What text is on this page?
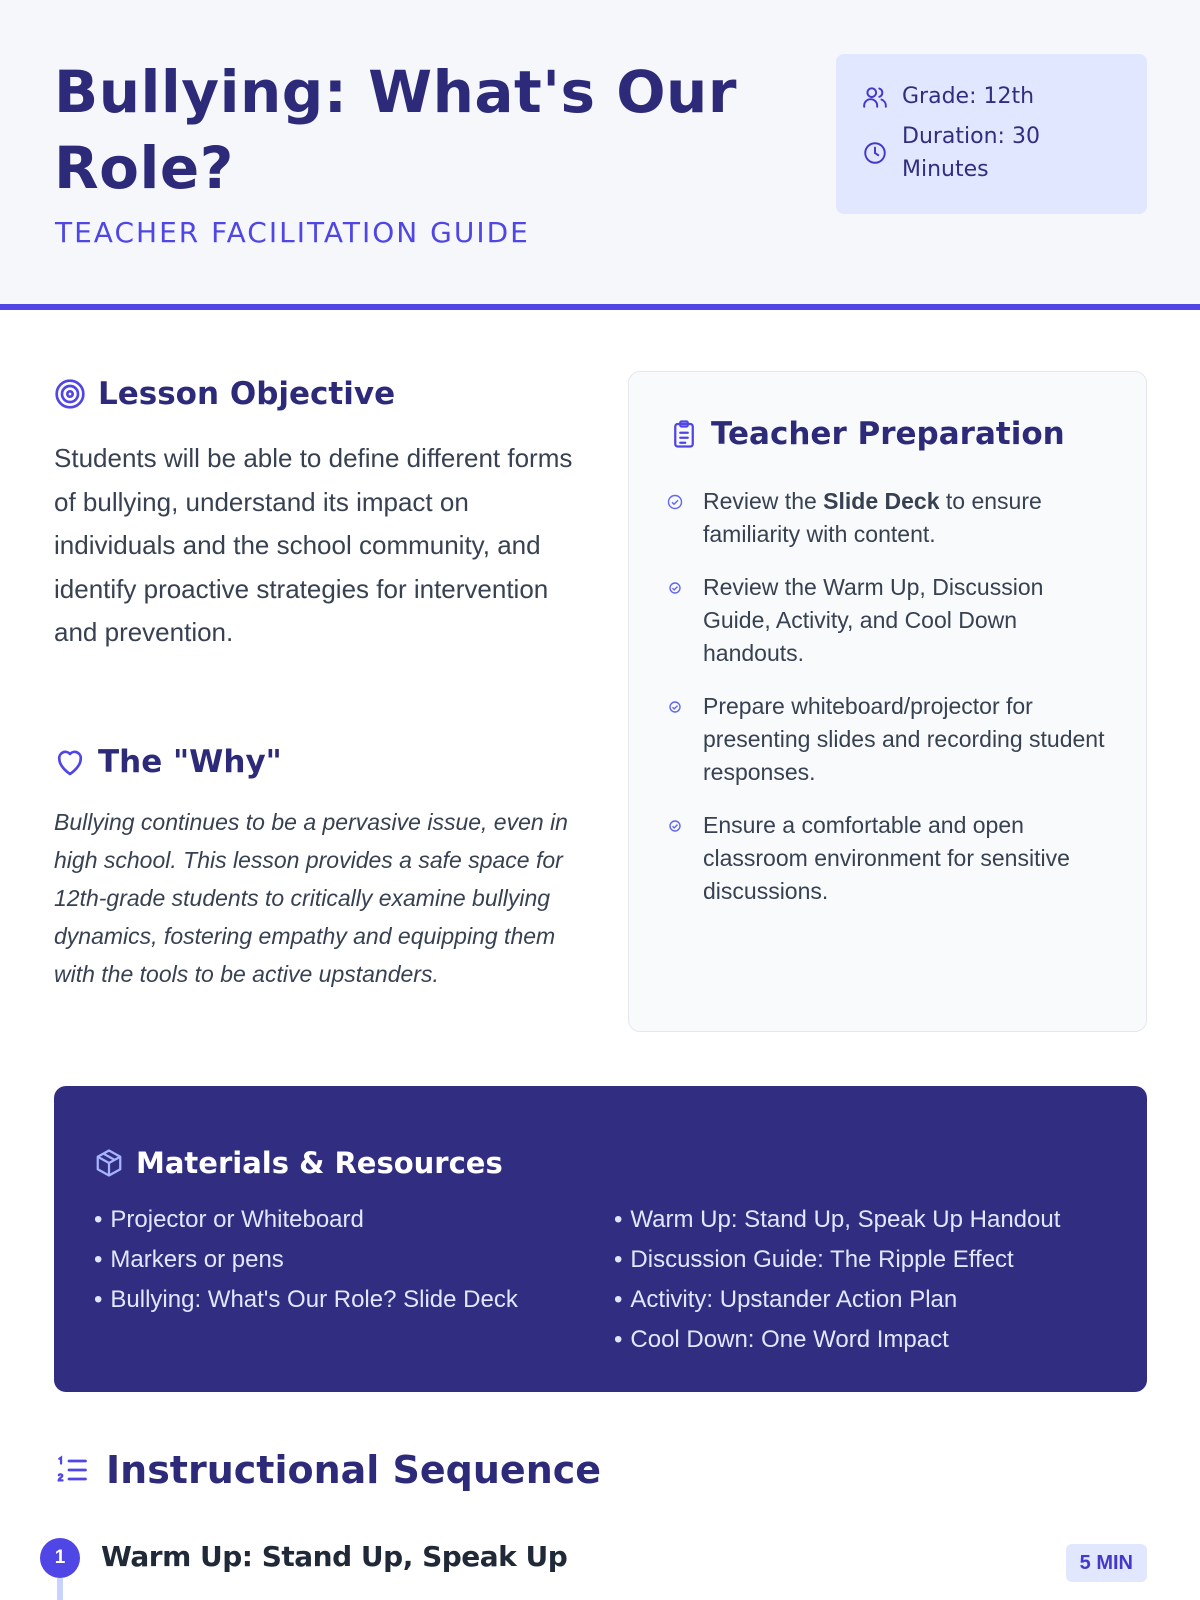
Bullying: What's Our Role?
TEACHER FACILITATION GUIDE
Grade: 12th
Duration: 30 Minutes
Lesson Objective
Students will be able to define different forms of bullying, understand its impact on individuals and the school community, and identify proactive strategies for intervention and prevention.
The "Why"
Bullying continues to be a pervasive issue, even in high school. This lesson provides a safe space for 12th-grade students to critically examine bullying dynamics, fostering empathy and equipping them with the tools to be active upstanders.
Teacher Preparation
Review the Slide Deck to ensure familiarity with content.
Review the Warm Up, Discussion Guide, Activity, and Cool Down handouts.
Prepare whiteboard/projector for presenting slides and recording student responses.
Ensure a comfortable and open classroom environment for sensitive discussions.
Materials & Resources
• Projector or Whiteboard
• Markers or pens
• Bullying: What's Our Role? Slide Deck
• Warm Up: Stand Up, Speak Up Handout
• Discussion Guide: The Ripple Effect
• Activity: Upstander Action Plan
• Cool Down: One Word Impact
Instructional Sequence
1	Warm Up: Stand Up, Speak Up	5 MIN
